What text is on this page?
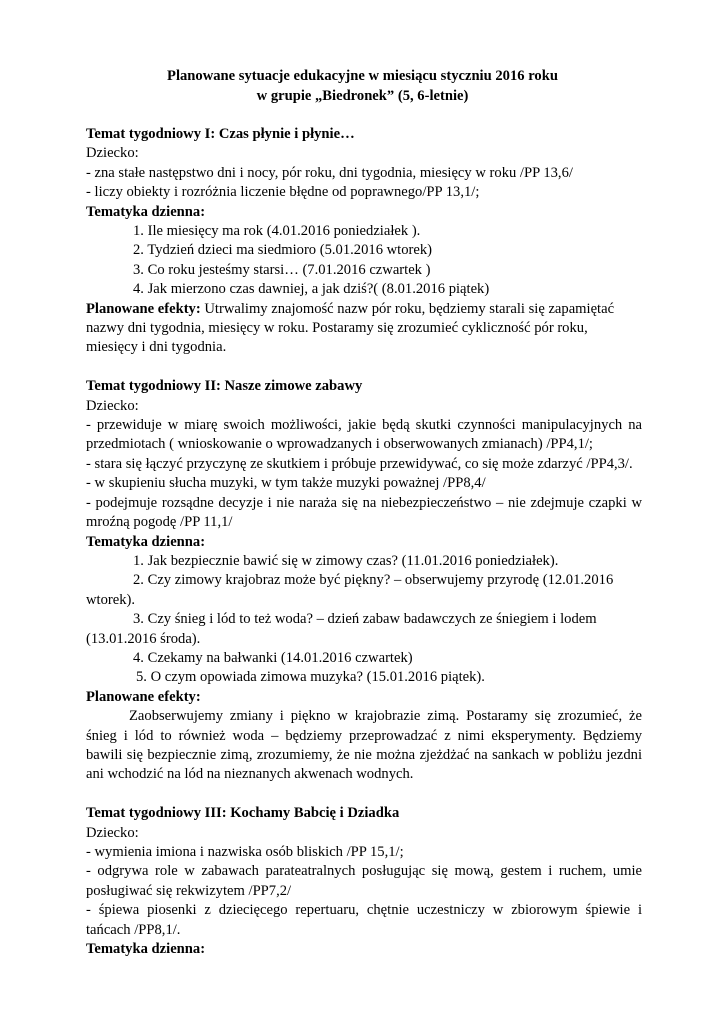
Planowane sytuacje edukacyjne w miesiącu styczniu 2016 roku
w grupie „Biedronek” (5, 6-letnie)
Temat tygodniowy I: Czas płynie i płynie…
Dziecko:
- zna stałe następstwo dni i nocy, pór roku, dni tygodnia, miesięcy w roku /PP 13,6/
- liczy obiekty i rozróżnia liczenie błędne od poprawnego/PP 13,1/;
Tematyka dzienna:
1. Ile miesięcy ma rok (4.01.2016 poniedziałek ).
2. Tydzień dzieci ma siedmioro (5.01.2016 wtorek)
3. Co roku jesteśmy starsi… (7.01.2016 czwartek )
4. Jak mierzono czas dawniej, a jak dziś?( (8.01.2016 piątek)
Planowane efekty: Utrwalimy znajomość nazw pór roku, będziemy starali się zapamiętać nazwy dni tygodnia, miesięcy w roku. Postaramy się zrozumieć cykliczność pór roku, miesięcy i dni tygodnia.
Temat tygodniowy II: Nasze zimowe zabawy
Dziecko:
- przewiduje w miarę swoich możliwości, jakie będą skutki czynności manipulacyjnych na przedmiotach ( wnioskowanie o wprowadzanych i obserwowanych zmianach) /PP4,1/;
- stara się łączyć przyczynę ze skutkiem i próbuje przewidywać, co się może zdarzyć /PP4,3/.
- w skupieniu słucha muzyki, w tym także muzyki poważnej /PP8,4/
- podejmuje rozsądne decyzje i nie naraża się na niebezpieczeństwo – nie zdejmuje czapki w mroźną pogodę /PP 11,1/
Tematyka dzienna:
1. Jak bezpiecznie bawić się w zimowy czas? (11.01.2016 poniedziałek).
2. Czy zimowy krajobraz może być piękny? – obserwujemy przyrodę (12.01.2016
wtorek).
3. Czy śnieg i lód to też woda? – dzień zabaw badawczych ze śniegiem i lodem
(13.01.2016 środa).
4. Czekamy na bałwanki (14.01.2016 czwartek)
5. O czym opowiada zimowa muzyka? (15.01.2016 piątek).
Planowane efekty:
Zaobserwujemy zmiany i piękno w krajobrazie zimą. Postaramy się zrozumieć, że śnieg i lód to również woda – będziemy przeprowadzać z nimi eksperymenty. Będziemy bawili się bezpiecznie zimą, zrozumiemy, że nie można zjeżdżać na sankach w pobliżu jezdni ani wchodzić na lód na nieznanych akwenach wodnych.
Temat tygodniowy III: Kochamy Babcię i Dziadka
Dziecko:
- wymienia imiona i nazwiska osób bliskich /PP 15,1/;
- odgrywa role w zabawach parateatralnych posługując się mową, gestem i ruchem, umie posługiwać się rekwizytem /PP7,2/
- śpiewa piosenki z dziecięcego repertuaru, chętnie uczestniczy w zbiorowym śpiewie i tańcach /PP8,1/.
Tematyka dzienna:
